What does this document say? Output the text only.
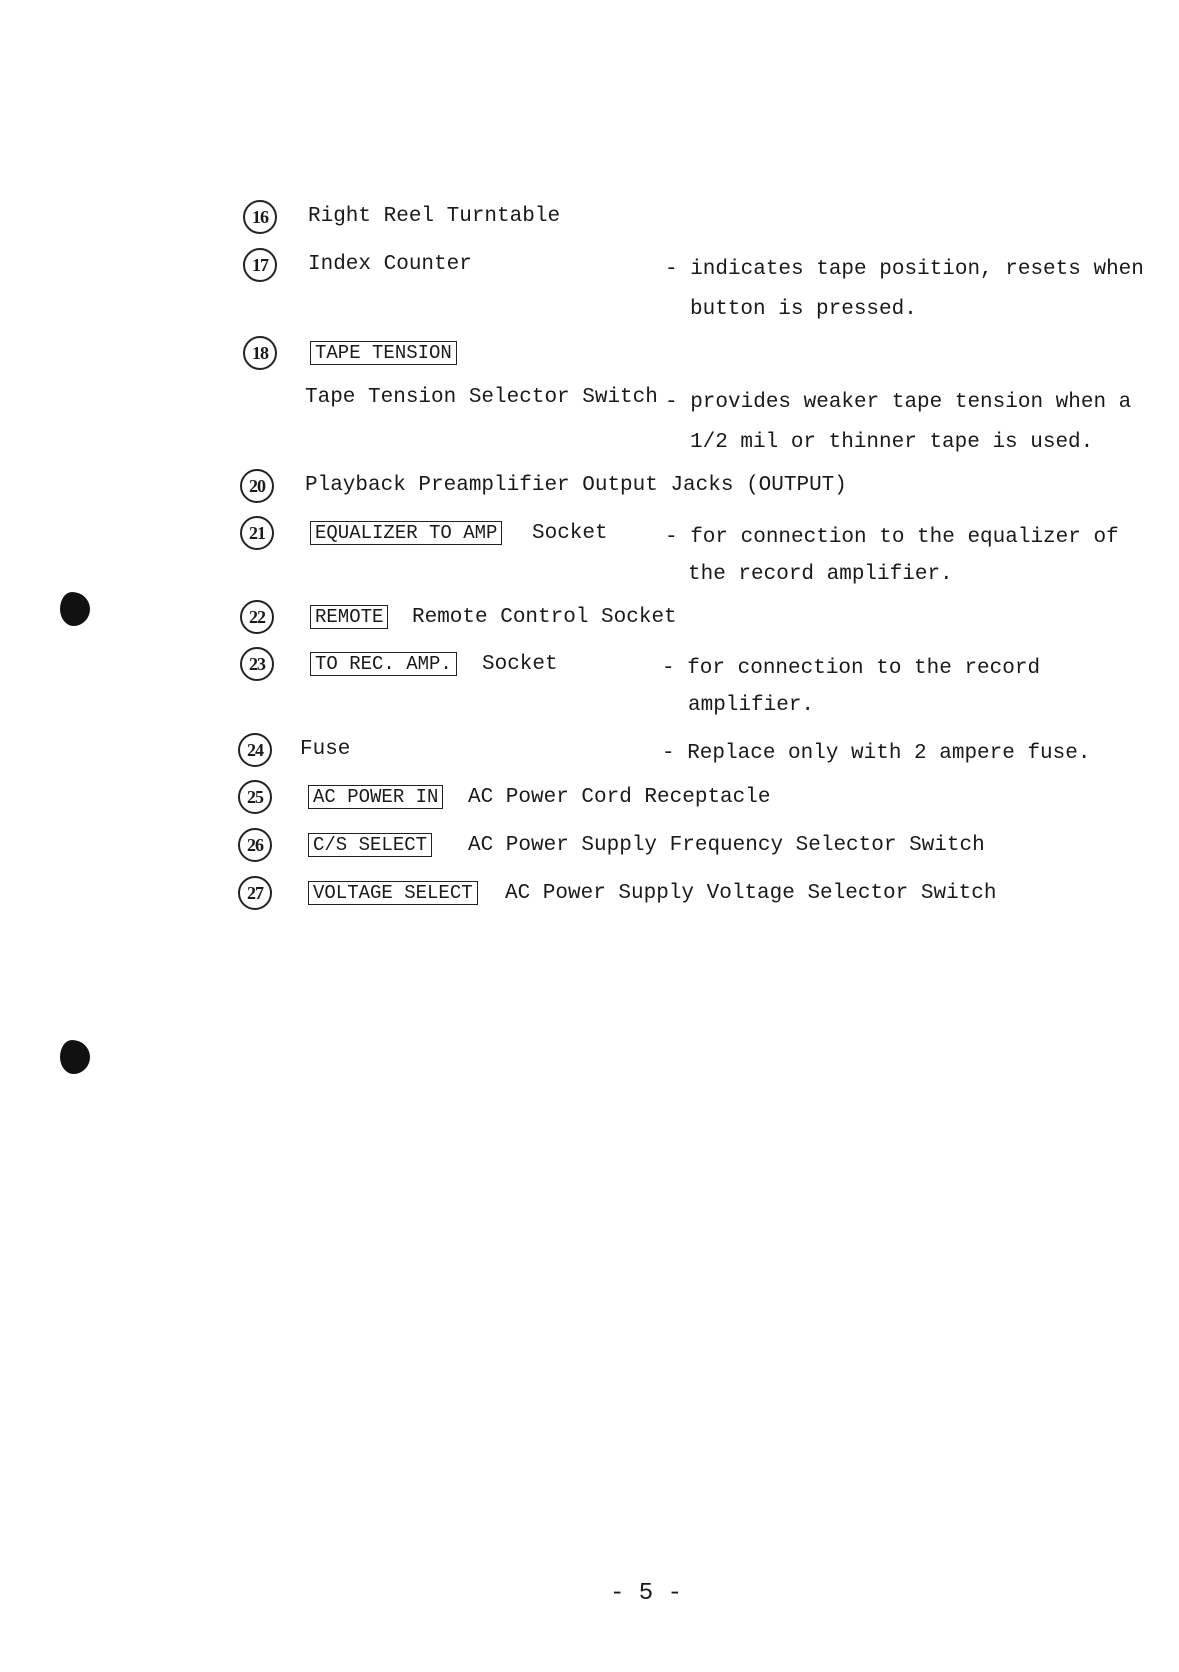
16	Right Reel Turntable
17	Index Counter	- indicates tape position, resets when
button is pressed.
18	TAPE TENSION
Tape Tension Selector Switch - provides weaker tape tension when a
1/2 mil or thinner tape is used.
20	Playback Preamplifier Output Jacks (OUTPUT)
21	EQUALIZER TO AMP Socket	- for connection to the equalizer of
the record amplifier.
22	REMOTE Remote Control Socket
23	TO REC. AMP. Socket	- for connection to the record
amplifier.
24	Fuse	- Replace only with 2 ampere fuse.
25	AC POWER IN AC Power Cord Receptacle
26	C/S SELECT AC Power Supply Frequency Selector Switch
27	VOLTAGE SELECT AC Power Supply Voltage Selector Switch
- 5 -
